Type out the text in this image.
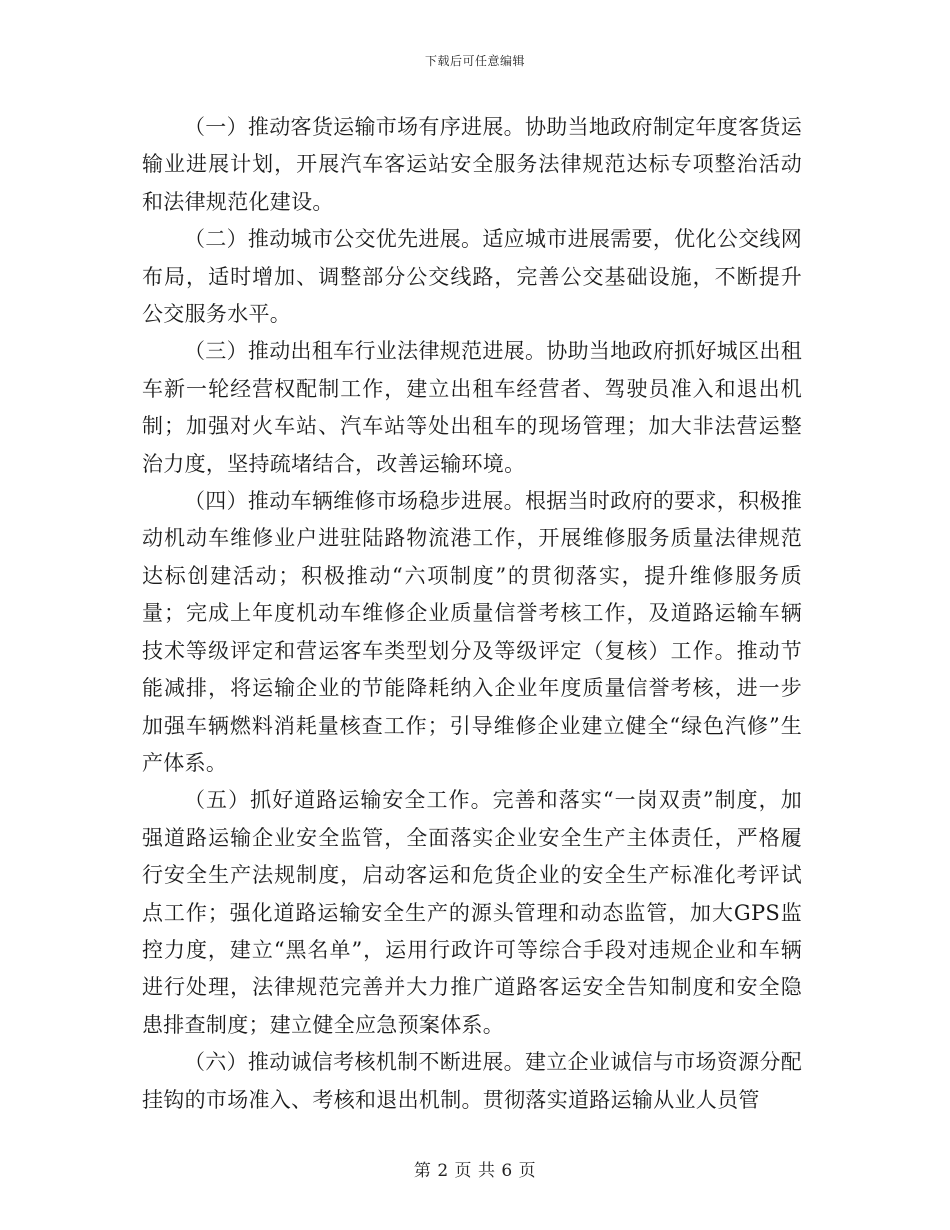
下载后可任意编辑

（一）推动客货运输市场有序进展。协助当地政府制定年度客货运输业进展计划，开展汽车客运站安全服务法律规范达标专项整治活动和法律规范化建设。

（二）推动城市公交优先进展。适应城市进展需要，优化公交线网布局，适时增加、调整部分公交线路，完善公交基础设施，不断提升公交服务水平。

（三）推动出租车行业法律规范进展。协助当地政府抓好城区出租车新一轮经营权配制工作，建立出租车经营者、驾驶员准入和退出机制；加强对火车站、汽车站等处出租车的现场管理；加大非法营运整治力度，坚持疏堵结合，改善运输环境。

（四）推动车辆维修市场稳步进展。根据当时政府的要求，积极推动机动车维修业户进驻陆路物流港工作，开展维修服务质量法律规范达标创建活动；积极推动“六项制度”的贯彻落实，提升维修服务质量；完成上年度机动车维修企业质量信誉考核工作，及道路运输车辆技术等级评定和营运客车类型划分及等级评定（复核）工作。推动节能减排，将运输企业的节能降耗纳入企业年度质量信誉考核，进一步加强车辆燃料消耗量核查工作；引导维修企业建立健全“绿色汽修”生产体系。

（五）抓好道路运输安全工作。完善和落实“一岗双责”制度，加强道路运输企业安全监管，全面落实企业安全生产主体责任，严格履行安全生产法规制度，启动客运和危货企业的安全生产标准化考评试点工作；强化道路运输安全生产的源头管理和动态监管，加大GPS监控力度，建立“黑名单”，运用行政许可等综合手段对违规企业和车辆进行处理，法律规范完善并大力推广道路客运安全告知制度和安全隐患排查制度；建立健全应急预案体系。

（六）推动诚信考核机制不断进展。建立企业诚信与市场资源分配挂钩的市场准入、考核和退出机制。贯彻落实道路运输从业人员管

第 2 页 共 6 页
